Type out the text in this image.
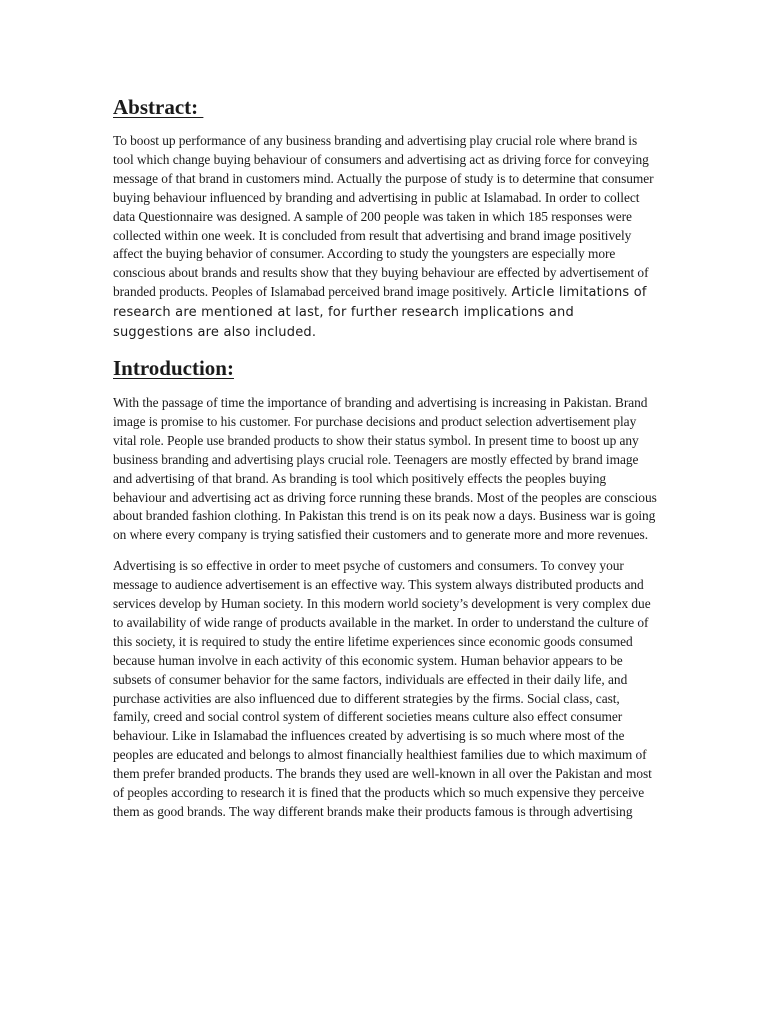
Abstract:

To boost up performance of any business branding and advertising play crucial role where brand is tool which change buying behaviour of consumers and advertising act as driving force for conveying message of that brand in customers mind. Actually the purpose of study is to determine that consumer buying behaviour influenced by branding and advertising in public at Islamabad. In order to collect data Questionnaire was designed. A sample of 200 people was taken in which 185 responses were collected within one week. It is concluded from result that advertising and brand image positively affect the buying behavior of consumer. According to study the youngsters are especially more conscious about brands and results show that they buying behaviour are effected by advertisement of branded products. Peoples of Islamabad perceived brand image positively. Article limitations of research are mentioned at last, for further research implications and suggestions are also included.

Introduction:

With the passage of time the importance of branding and advertising is increasing in Pakistan. Brand image is promise to his customer. For purchase decisions and product selection advertisement play vital role. People use branded products to show their status symbol. In present time to boost up any business branding and advertising plays crucial role. Teenagers are mostly effected by brand image and advertising of that brand. As branding is tool which positively effects the peoples buying behaviour and advertising act as driving force running these brands. Most of the peoples are conscious about branded fashion clothing. In Pakistan this trend is on its peak now a days. Business war is going on where every company is trying satisfied their customers and to generate more and more revenues.

Advertising is so effective in order to meet psyche of customers and consumers. To convey your message to audience advertisement is an effective way. This system always distributed products and services develop by Human society. In this modern world society’s development is very complex due to availability of wide range of products available in the market. In order to understand the culture of this society, it is required to study the entire lifetime experiences since economic goods consumed because human involve in each activity of this economic system. Human behavior appears to be subsets of consumer behavior for the same factors, individuals are effected in their daily life, and purchase activities are also influenced due to different strategies by the firms. Social class, cast, family, creed and social control system of different societies means culture also effect consumer behaviour. Like in Islamabad the influences created by advertising is so much where most of the peoples are educated and belongs to almost financially healthiest families due to which maximum of them prefer branded products. The brands they used are well-known in all over the Pakistan and most of peoples according to research it is fined that the products which so much expensive they perceive them as good brands. The way different brands make their products famous is through advertising
